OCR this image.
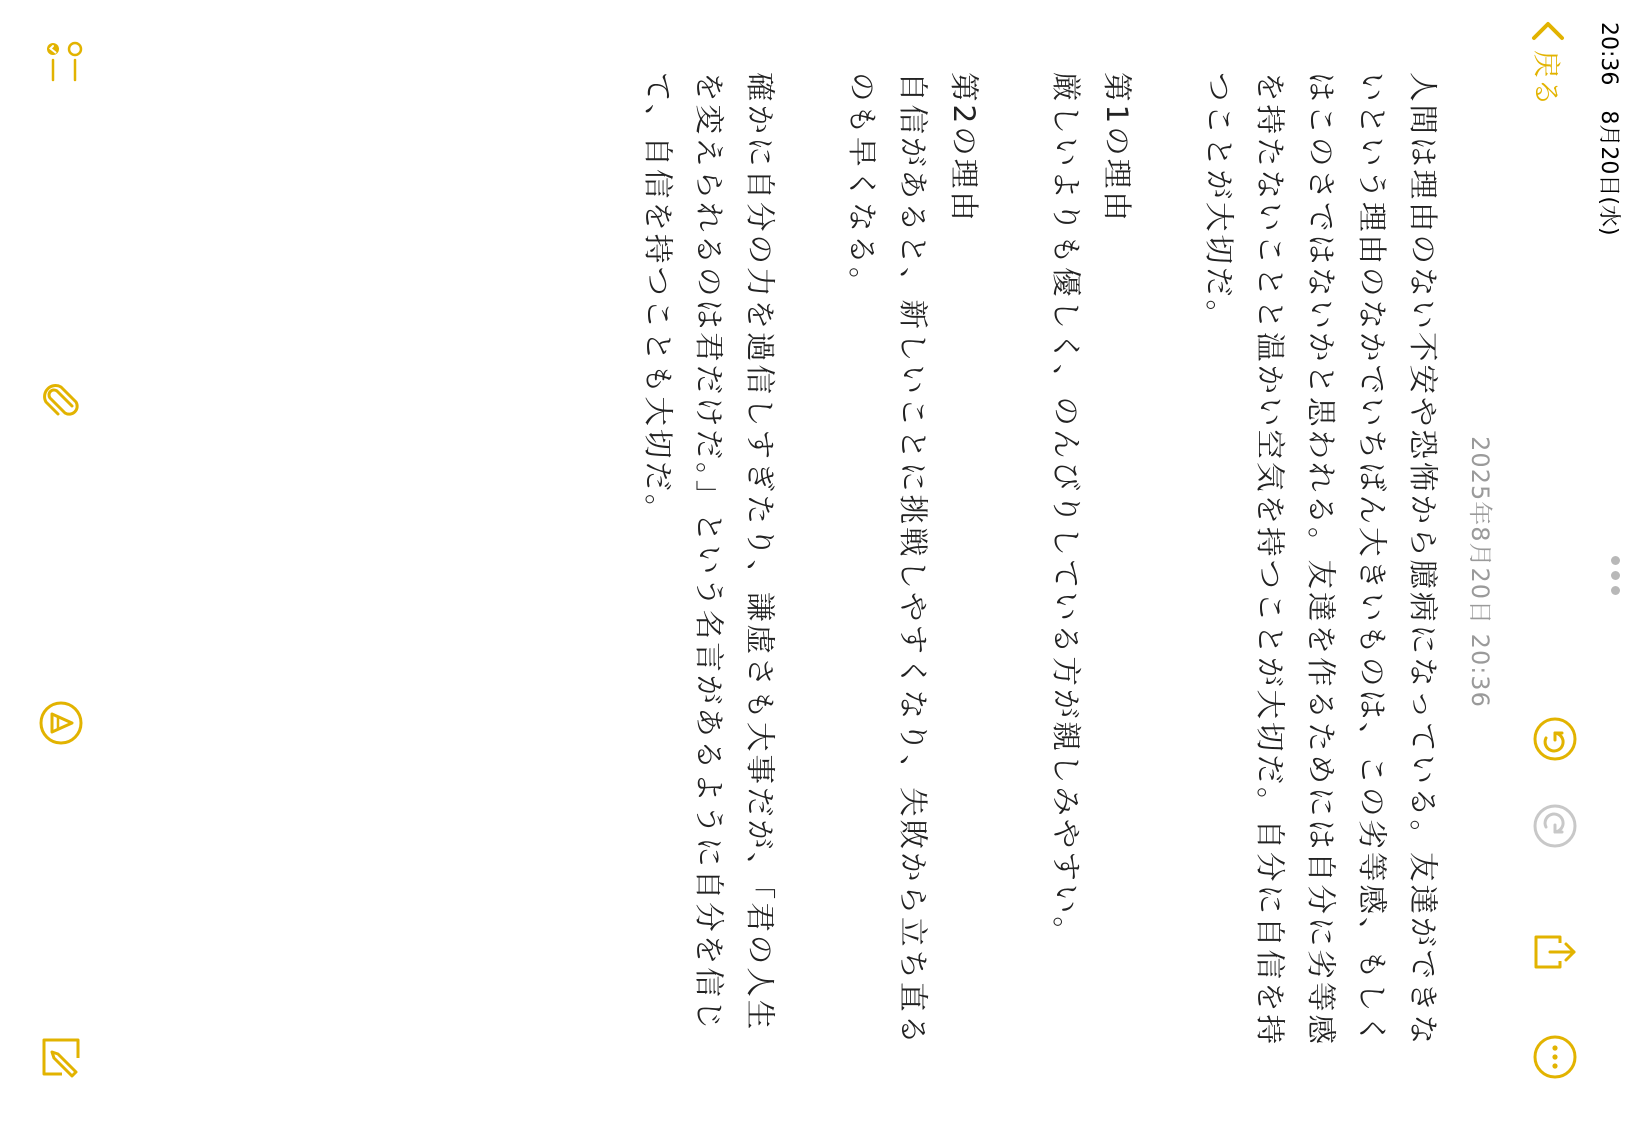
20:36 8月20日(水)
戻る
2025年8月20日 20:36

人間は理由のない不安や恐怖から臆病になっている。友達ができないという理由のなかでいちばん大きいものは、この劣等感、もしくはこのさではないかと思われる。友達を作るためには自分に劣等感を持たないことと温かい空気を持つことが大切だ。自分に自信を持つことが大切だ。

第1の理由
厳しいよりも優しく、のんびりしている方が親しみやすい。

第2の理由
自信があると、新しいことに挑戦しやすくなり、失敗から立ち直るのも早くなる。

確かに自分の力を過信しすぎたり、謙虚さも大事だが、「君の人生を変えられるのは君だけだ。」という名言があるように自分を信じて、自信を持つことも大切だ。
